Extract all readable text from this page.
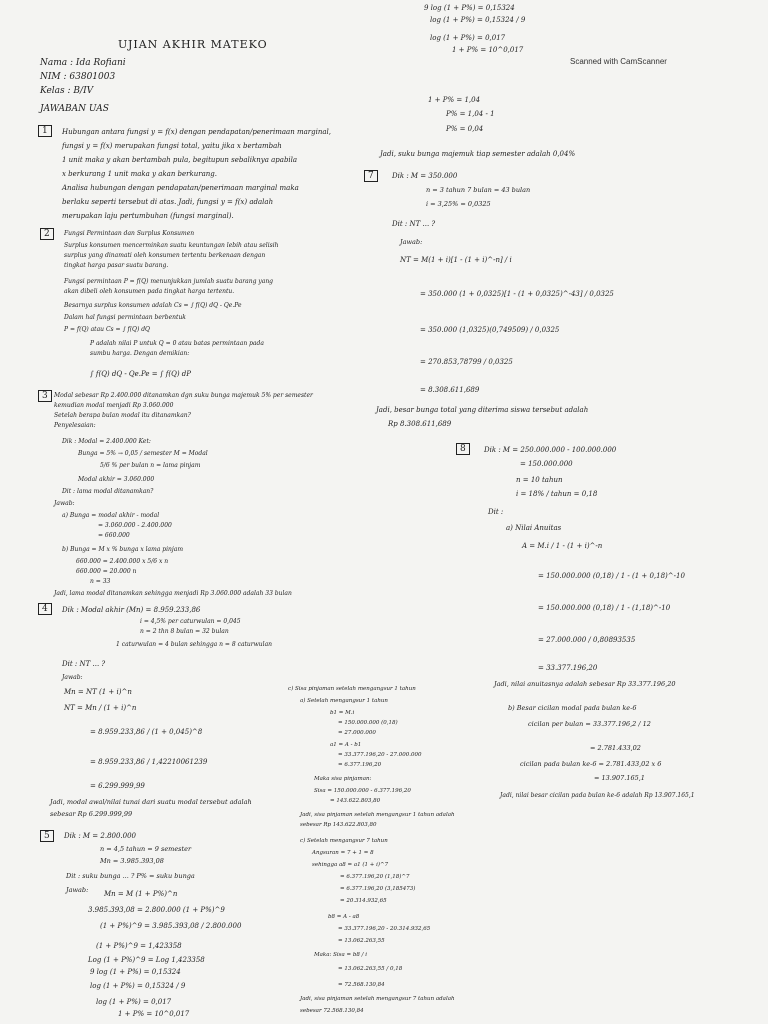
UJIAN AKHIR MATEKO
Nama : Ida Rofiani
NIM : 63801003
Kelas : B/IV
JAWABAN UAS
Scanned with CamScanner
1	Hubungan antara fungsi y = f(x) dengan pendapatan/penerimaan marginal,
fungsi y = f(x) merupakan fungsi total, yaitu jika x bertambah
1 unit maka y akan bertambah pula, begitupun sebaliknya apabila
x berkurang 1 unit maka y akan berkurang.
Analisa hubungan dengan pendapatan/penerimaan marginal maka
berlaku seperti tersebut di atas. Jadi, fungsi y = f(x) adalah
merupakan laju pertumbuhan (fungsi marginal).
2	Fungsi Permintaan dan Surplus Konsumen
Surplus konsumen mencerminkan suatu keuntungan lebih atau selisih
surplus yang dinamati oleh konsumen tertentu berkenaan dengan
tingkat harga pasar suatu barang.
Fungsi permintaan P = f(Q) menunjukkan jumlah suatu barang yang
akan dibeli oleh konsumen pada tingkat harga tertentu.
Besarnya surplus konsumen adalah Cs = ∫ f(Q) dQ - Qe.Pe
Dalam hal fungsi permintaan berbentuk
P = f(Q) atau Cs = ∫ f(Q) dQ
P adalah nilai P untuk Q = 0 atau batas permintaan pada
sumbu harga. Dengan demikian:
∫ f(Q) dQ - Qe.Pe = ∫ f(Q) dP
3	Modal sebesar Rp 2.400.000 ditanamkan dgn suku bunga majemuk 5% per semester
kemudian modal menjadi Rp 3.060.000
Setelah berapa bulan modal itu ditanamkan?
Penyelesaian:
Dik : Modal = 2.400.000 Ket:
Bunga = 5% → 0,05 / semester M = Modal
5/6 % per bulan n = lama pinjam
Modal akhir = 3.060.000
Dit : lama modal ditanamkan?
Jawab:
a) Bunga = modal akhir - modal
= 3.060.000 - 2.400.000
= 660.000
b) Bunga = M x % bunga x lama pinjam
660.000 = 2.400.000 x 5/6 x n
660.000 = 20.000 n
n = 33
Jadi, lama modal ditanamkan sehingga menjadi Rp 3.060.000 adalah 33 bulan
4	Dik : Modal akhir (Mn) = 8.959.233,86
i = 4,5% per caturwulan = 0,045
n = 2 thn 8 bulan = 32 bulan
1 caturwulan = 4 bulan sehingga n = 8 caturwulan
Dit : NT ... ?
Jawab:
Mn = NT (1 + i)^n
NT = Mn / (1 + i)^n
= 8.959.233,86 / (1 + 0,045)^8
= 8.959.233,86 / 1,42210061239
= 6.299.999,99
Jadi, modal awal/nilai tunai dari suatu modal tersebut adalah
sebesar Rp 6.299.999,99
5	Dik : M = 2.800.000
n = 4,5 tahun = 9 semester
Mn = 3.985.393,08
Dit : suku bunga ... ? P% = suku bunga
Jawab: Mn = M (1 + P%)^n
3.985.393,08 = 2.800.000 (1 + P%)^9
(1 + P%)^9 = 3.985.393,08 / 2.800.000
(1 + P%)^9 = 1,423358
Log (1 + P%)^9 = Log 1,423358
9 log (1 + P%) = 0,15324
log (1 + P%) = 0,15324 / 9
log (1 + P%) = 0,017
1 + P% = 10^0,017
9 log (1 + P%) = 0,15324
log (1 + P%) = 0,15324 / 9
log (1 + P%) = 0,017
1 + P% = 10^0,017
1 + P% = 1,04
P% = 1,04 - 1
P% = 0,04
Jadi, suku bunga majemuk tiap semester adalah 0,04%
7	Dik : M = 350.000
n = 3 tahun 7 bulan = 43 bulan
i = 3,25% = 0,0325
Dit : NT ... ?
Jawab:
NT = M(1 + i)[1 - (1 + i)^-n] / i
= 350.000 (1 + 0,0325)[1 - (1 + 0,0325)^-43] / 0,0325
= 350.000 (1,0325)(0,749509) / 0,0325
= 270.853,78799 / 0,0325
= 8.308.611,689
Jadi, besar bunga total yang diterima siswa tersebut adalah
Rp 8.308.611,689
8	Dik : M = 250.000.000 - 100.000.000
= 150.000.000
n = 10 tahun
i = 18% / tahun = 0,18
Dit :
a) Nilai Anuitas
A = M.i / 1 - (1 + i)^-n
= 150.000.000 (0,18) / 1 - (1 + 0,18)^-10
= 150.000.000 (0,18) / 1 - (1,18)^-10
= 27.000.000 / 0,80893535
= 33.377.196,20
Jadi, nilai anuitasnya adalah sebesar Rp 33.377.196,20
b) Besar cicilan modal pada bulan ke-6
cicilan per bulan = 33.377.196,2 / 12
= 2.781.433,02
cicilan pada bulan ke-6 = 2.781.433,02 x 6
= 13.907.165,1
Jadi, nilai besar cicilan pada bulan ke-6 adalah Rp 13.907.165,1
c) Sisa pinjaman setelah mengangsur 1 tahun
a) Setelah mengangsur 1 tahun
b1 = M.i
= 150.000.000 (0,18)
= 27.000.000
a1 = A - b1
= 33.377.196,20 - 27.000.000
= 6.377.196,20
Maka sisa pinjaman:
Sisa = 150.000.000 - 6.377.196,20
= 143.622.803,80
Jadi, sisa pinjaman setelah mengangsur 1 tahun adalah
sebesar Rp 143.622.803,80
c) Setelah mengangsur 7 tahun
Angsuran = 7 + 1 = 8
sehingga a8 = a1 (1 + i)^7
= 6.377.196,20 (1,18)^7
= 6.377.196,20 (3,185473)
= 20.314.932,65
b8 = A - a8
= 33.377.196,20 - 20.314.932,65
= 13.062.263,55
Maka: Sisa = b8 / i
= 13.062.263,55 / 0,18
= 72.568.130,84
Jadi, sisa pinjaman setelah mengangsur 7 tahun adalah
sebesar 72.568.130,84
